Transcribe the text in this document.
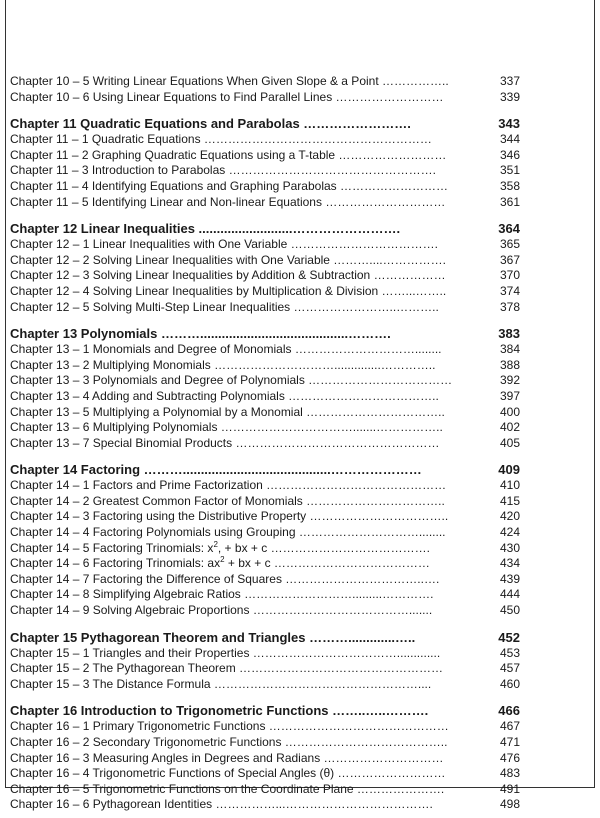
Chapter 10 – 5 Writing Linear Equations When Given Slope & a Point ……………..	337
Chapter 10 – 6 Using Linear Equations to Find Parallel Lines ………………………	339
Chapter 11 Quadratic Equations and Parabolas …………………….	343
Chapter 11 – 1 Quadratic Equations …………………………………………………	344
Chapter 11 – 2 Graphing Quadratic Equations using a T-table ………………………	346
Chapter 11 – 3 Introduction to Parabolas …………………………………………….	351
Chapter 11 – 4 Identifying Equations and Graphing Parabolas ………………………	358
Chapter 11 – 5 Identifying Linear and Non-linear Equations …………………………	361
Chapter 12 Linear Inequalities ..........................…………………….	364
Chapter 12 – 1 Linear Inequalities with One Variable ……………………………….	365
Chapter 12 – 2 Solving Linear Inequalities with One Variable ………....…………….	367
Chapter 12 – 3 Solving Linear Inequalities by Addition & Subtraction ………………	370
Chapter 12 – 4 Solving Linear Inequalities by Multiplication & Division ……...……..	374
Chapter 12 – 5 Solving Multi-Step Linear Inequalities ……………………..………..	378
Chapter 13 Polynomials ……….........................................……….	383
Chapter 13 – 1 Monomials and Degree of Monomials …………………………........	384
Chapter 13 – 2 Multiplying Monomials …………………………..............…………..	388
Chapter 13 – 3 Polynomials and Degree of Polynomials ………………………………	392
Chapter 13 – 4 Adding and Subtracting Polynomials ………………………………..	397
Chapter 13 – 5 Multiplying a Polynomial by a Monomial ……………………………..	400
Chapter 13 – 6 Multiplying Polynomials …………………………….......……………..	402
Chapter 13 – 7 Special Binomial Products ……………………………………………	405
Chapter 14 Factoring ……….........................................…………………	409
Chapter 14 – 1 Factors and Prime Factorization ………………………………………	410
Chapter 14 – 2 Greatest Common Factor of Monomials ……………………………..	415
Chapter 14 – 3 Factoring using the Distributive Property ……………………………..	420
Chapter 14 – 4 Factoring Polynomials using Grouping …………………………........	424
Chapter 14 – 5 Factoring Trinomials: $x^2$, + bx + c ………………………………….	430
Chapter 14 – 6 Factoring Trinomials: $ax^2$ + bx + c …………………………………	434
Chapter 14 – 7 Factoring the Difference of Squares ……………………………..….	439
Chapter 14 – 8 Simplifying Algebraic Ratios ……………………….........………….	444
Chapter 14 – 9 Solving Algebraic Proportions ………………………………….......	450
Chapter 15 Pythagorean Theorem and Triangles ……….............…..	452
Chapter 15 – 1 Triangles and their Properties ……………………………….............	453
Chapter 15 – 2 The Pythagorean Theorem ……………………………………………	457
Chapter 15 – 3 The Distance Formula ……………………………………………....	460
Chapter 16 Introduction to Trigonometric Functions ……..…..……….	466
Chapter 16 – 1 Primary Trigonometric Functions ………………………………………	467
Chapter 16 – 2 Secondary Trigonometric Functions …………………………………..	471
Chapter 16 – 3 Measuring Angles in Degrees and Radians …………………………	476
Chapter 16 – 4 Trigonometric Functions of Special Angles (θ) ………………………	483
Chapter 16 – 5 Trigonometric Functions on the Coordinate Plane ………………….	491
Chapter 16 – 6 Pythagorean Identities ……………...……………………………….	498
